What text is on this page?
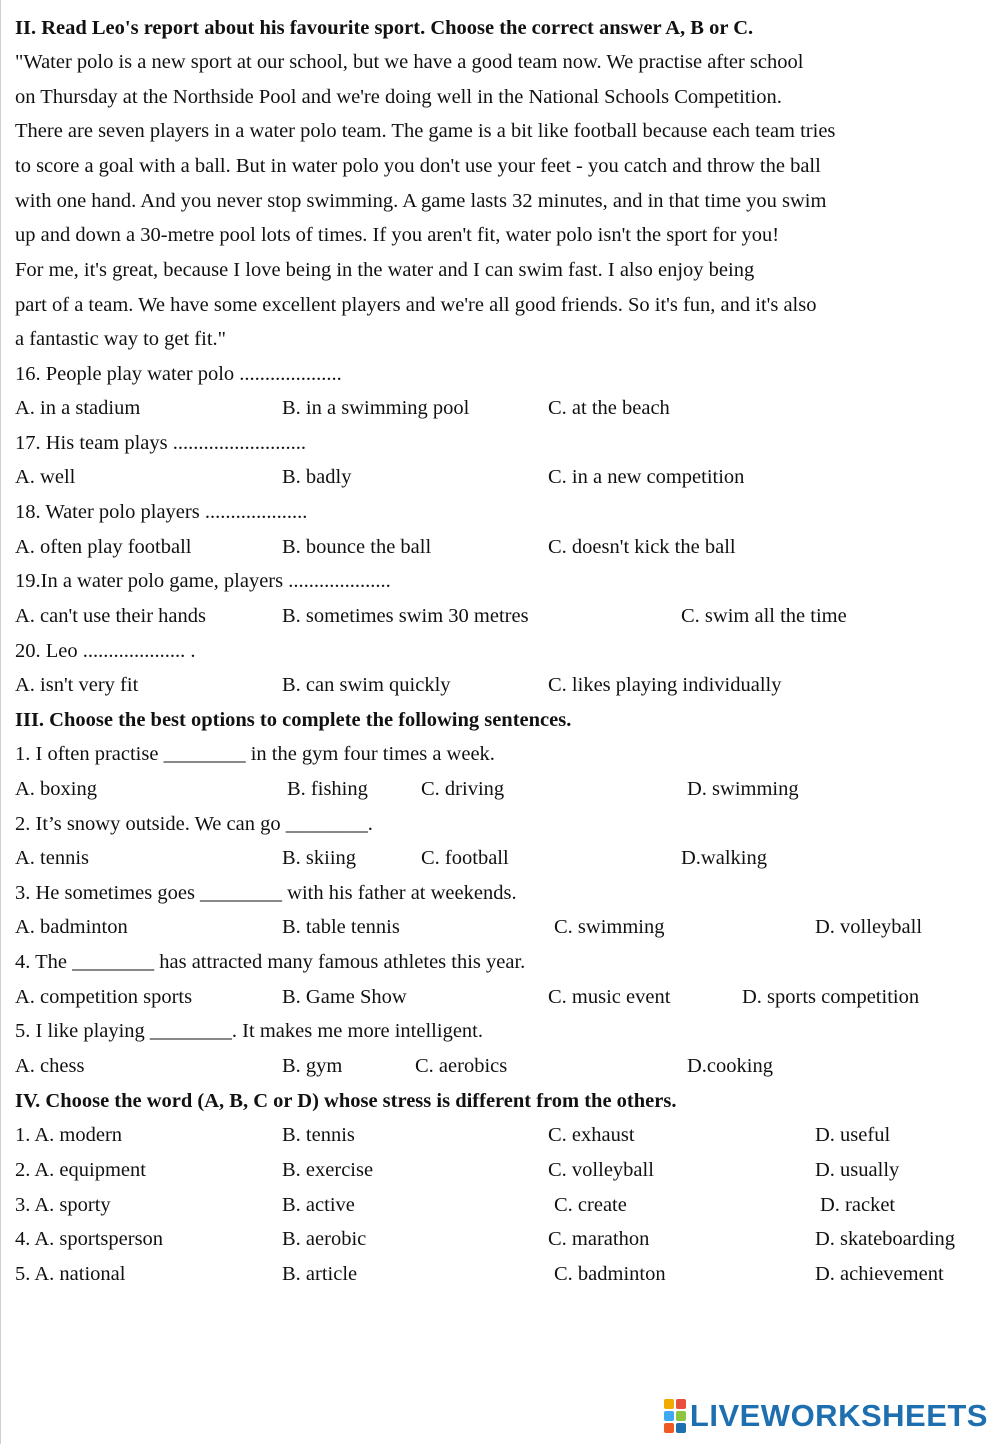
II. Read Leo's report about his favourite sport. Choose the correct answer A, B or C.
"Water polo is a new sport at our school, but we have a good team now. We practise after school
on Thursday at the Northside Pool and we're doing well in the National Schools Competition.
There are seven players in a water polo team. The game is a bit like football because each team tries
to score a goal with a ball. But in water polo you don't use your feet - you catch and throw the ball
with one hand. And you never stop swimming. A game lasts 32 minutes, and in that time you swim
up and down a 30-metre pool lots of times. If you aren't fit, water polo isn't the sport for you!
For me, it's great, because I love being in the water and I can swim fast. I also enjoy being
part of a team. We have some excellent players and we're all good friends. So it's fun, and it's also
a fantastic way to get fit."
16. People play water polo ....................
A. in a stadium	B. in a swimming pool	C. at the beach
17. His team plays ..........................
A. well	B. badly	C. in a new competition
18. Water polo players ....................
A. often play football	B. bounce the ball	C. doesn't kick the ball
19.In a water polo game, players ....................
A. can't use their hands	B. sometimes swim 30 metres	C. swim all the time
20. Leo .................... .
A. isn't very fit	B. can swim quickly	C. likes playing individually
III. Choose the best options to complete the following sentences.
1. I often practise ________ in the gym four times a week.
A. boxing	B. fishing	C. driving	D. swimming
2. It’s snowy outside. We can go ________.
A. tennis	B. skiing	C. football	D.walking
3. He sometimes goes ________ with his father at weekends.
A. badminton	B. table tennis	C. swimming	D. volleyball
4. The ________ has attracted many famous athletes this year.
A. competition sports	B. Game Show	C. music event	D. sports competition
5. I like playing ________. It makes me more intelligent.
A. chess	B. gym	C. aerobics	D.cooking
IV. Choose the word (A, B, C or D) whose stress is different from the others.
1. A. modern	B. tennis	C. exhaust	D. useful
2. A. equipment	B. exercise	C. volleyball	D. usually
3. A. sporty	B. active	C. create	D. racket
4. A. sportsperson	B. aerobic	C. marathon	D. skateboarding
5. A. national	B. article	C. badminton	D. achievement
LIVEWORKSHEETS
